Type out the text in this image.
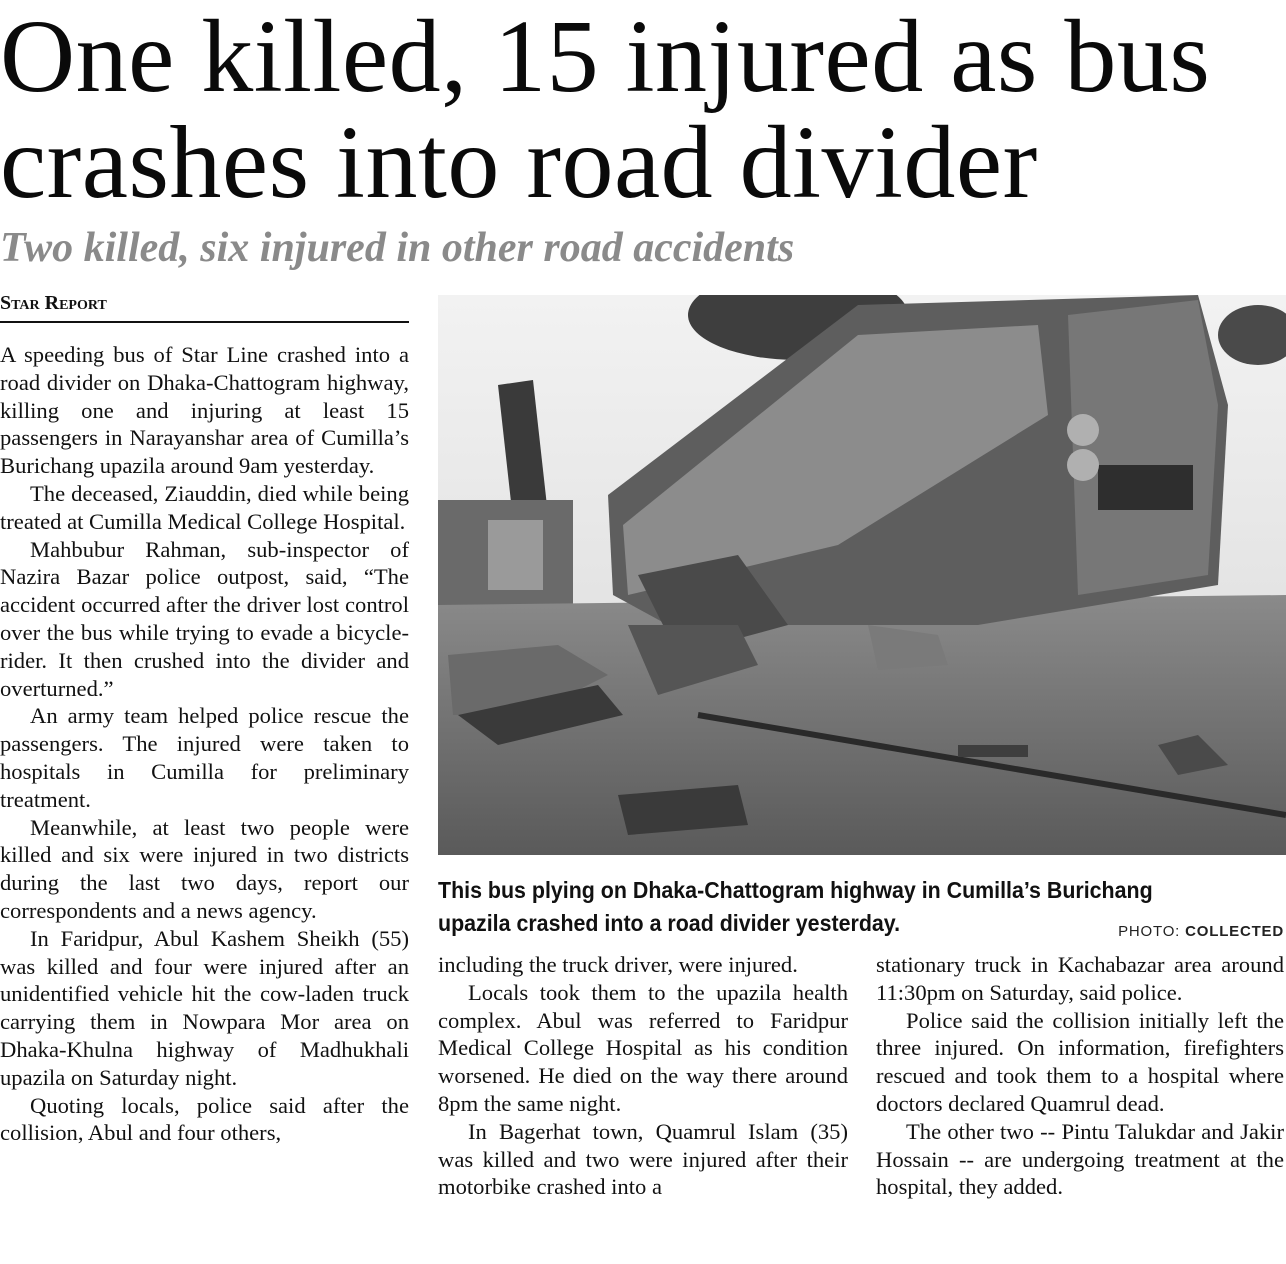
One killed, 15 injured as bus
crashes into road divider
Two killed, six injured in other road accidents
Star Report

A speeding bus of Star Line crashed into a road divider on Dhaka-Chattogram highway, killing one and injuring at least 15 passengers in Narayanshar area of Cumilla’s Burichang upazila around 9am yesterday.

The deceased, Ziauddin, died while being treated at Cumilla Medical College Hospital.

Mahbubur Rahman, sub-inspector of Nazira Bazar police outpost, said, “The accident occurred after the driver lost control over the bus while trying to evade a bicycle-rider. It then crushed into the divider and overturned.”

An army team helped police rescue the passengers. The injured were taken to hospitals in Cumilla for preliminary treatment.

Meanwhile, at least two people were killed and six were injured in two districts during the last two days, report our correspondents and a news agency.

In Faridpur, Abul Kashem Sheikh (55) was killed and four were injured after an unidentified vehicle hit the cow-laden truck carrying them in Nowpara Mor area on Dhaka-Khulna highway of Madhukhali upazila on Saturday night.

Quoting locals, police said after the collision, Abul and four others,

This bus plying on Dhaka-Chattogram highway in Cumilla’s Burichang
upazila crashed into a road divider yesterday.	PHOTO: COLLECTED

including the truck driver, were injured.

Locals took them to the upazila health complex. Abul was referred to Faridpur Medical College Hospital as his condition worsened. He died on the way there around 8pm the same night.

In Bagerhat town, Quamrul Islam (35) was killed and two were injured after their motorbike crashed into a

stationary truck in Kachabazar area around 11:30pm on Saturday, said police.

Police said the collision initially left the three injured. On information, firefighters rescued and took them to a hospital where doctors declared Quamrul dead.

The other two -- Pintu Talukdar and Jakir Hossain -- are undergoing treatment at the hospital, they added.
